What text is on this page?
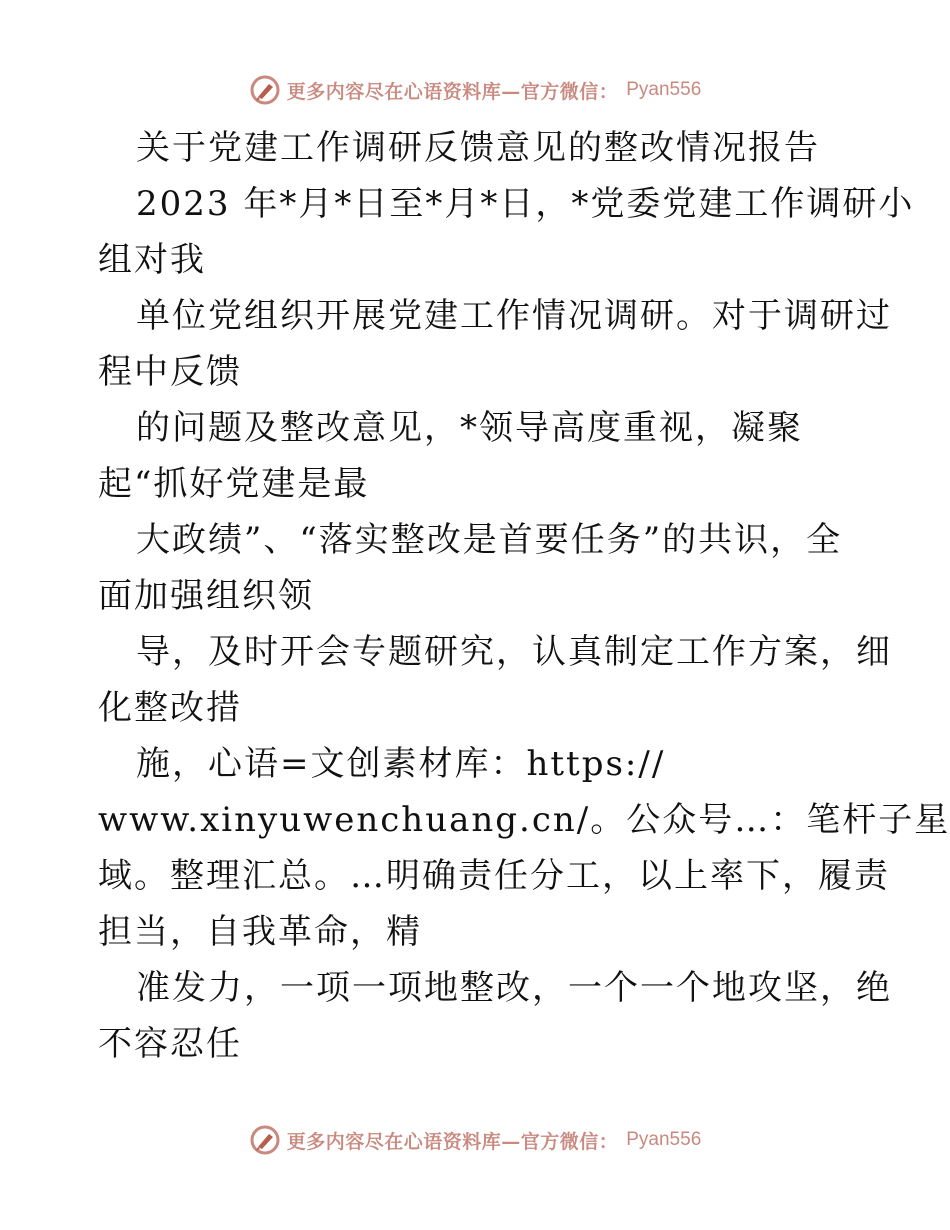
更多内容尽在心语资料库—官方微信： Pyan556
关于党建工作调研反馈意见的整改情况报告
2023 年*月*日至*月*日，*党委党建工作调研小
组对我
单位党组织开展党建工作情况调研。对于调研过
程中反馈
的问题及整改意见，*领导高度重视，凝聚
起“抓好党建是最
大政绩”、“落实整改是首要任务”的共识，全
面加强组织领
导，及时开会专题研究，认真制定工作方案，细
化整改措
施，心语=文创素材库：https://
www.xinyuwenchuang.cn/。公众号…：笔杆子星
域。整理汇总。…明确责任分工，以上率下，履责
担当，自我革命，精
准发力，一项一项地整改，一个一个地攻坚，绝
不容忍任
更多内容尽在心语资料库—官方微信： Pyan556
